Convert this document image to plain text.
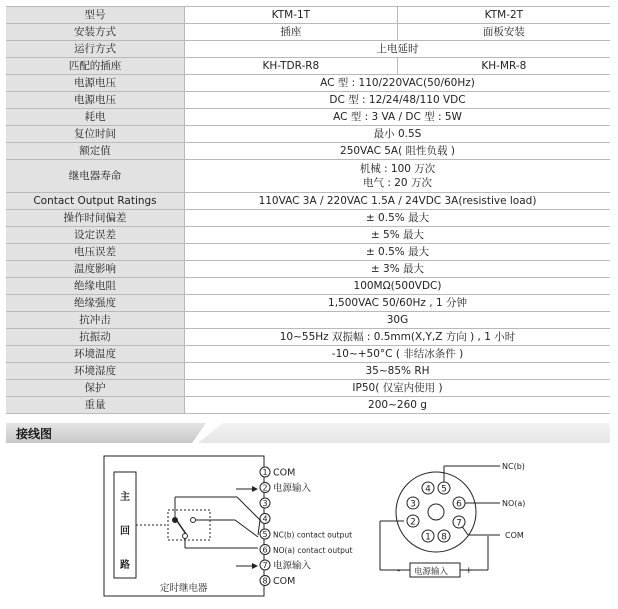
型号	KTM-1T	KTM-2T
安装方式	插座	面板安装
运行方式	上电延时	
匹配的插座	KH-TDR-R8	KH-MR-8
电源电压	AC 型 : 110/220VAC(50/60Hz)	
电源电压	DC 型 : 12/24/48/110 VDC	
耗电	AC 型 : 3 VA / DC 型 : 5W	
复位时间	最小 0.5S	
额定值	250VAC 5A( 阻性负载 )	
继电器寿命	机械 : 100 万次
电气 : 20 万次	

Contact Output Ratings	110VAC 3A / 220VAC 1.5A / 24VDC 3A(resistive load)	
操作时间偏差	± 0.5% 最大	
设定误差	± 5% 最大	
电压误差	± 0.5% 最大	
温度影响	± 3% 最大	
绝缘电阻	100MΩ(500VDC)	
绝缘强度	1,500VAC 50/60Hz , 1 分钟	
抗冲击	30G	
抗振动	10~55Hz 双振幅 : 0.5mm(X,Y,Z 方向 ) , 1 小时	
环境温度	-10~+50°C ( 非结冰条件 )	
环境湿度	35~85% RH	
保护	IP50( 仅室内使用 )	
重量	200~260 g	
接线图
1 COM
2 电源输入
3
4
5 NC(b) contact output
6 NO(a) contact output
7 电源输入
8 COM
主
回
路
定时继电器
1
2
3
4 5
6
7
8
NC(b)
NO(a)
COM
电源输入
-	+
